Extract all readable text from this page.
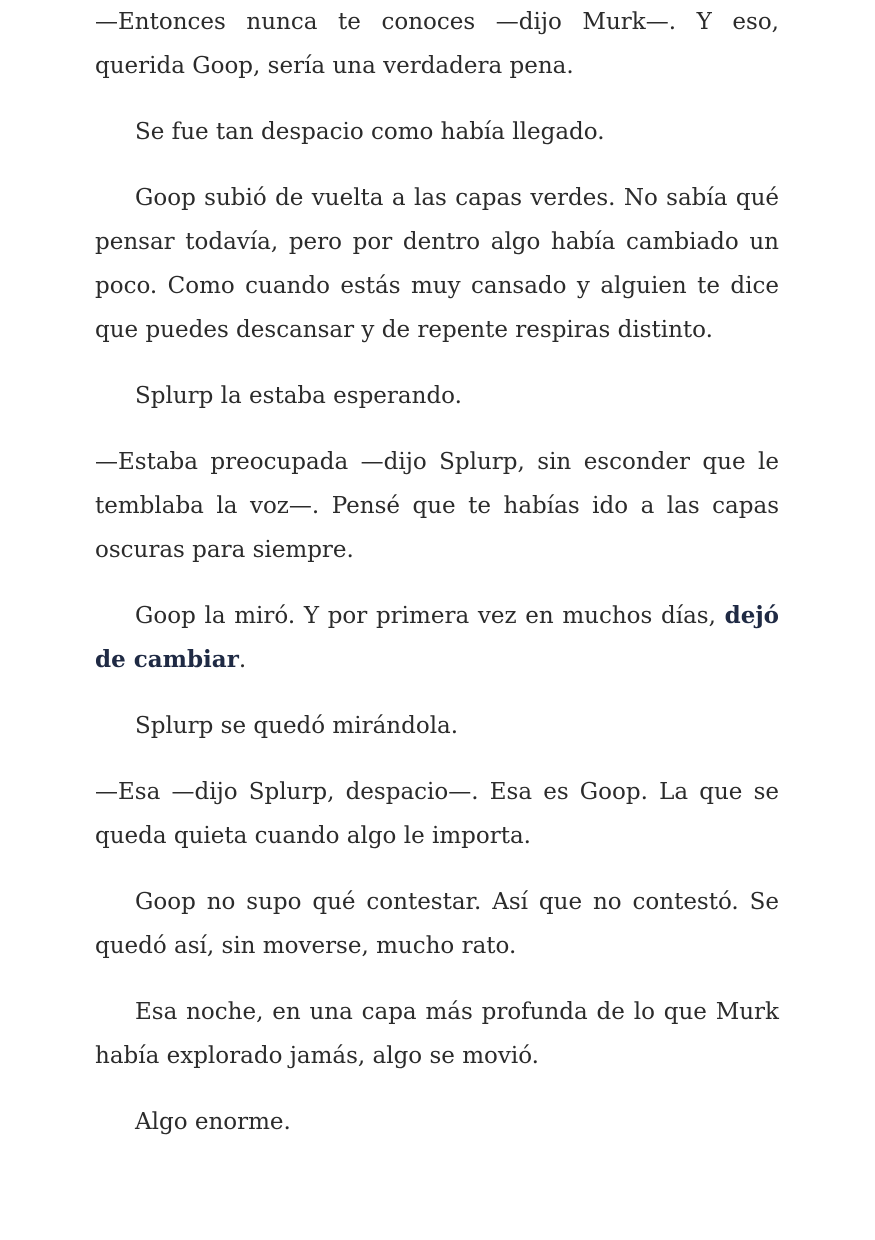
—Entonces nunca te conoces —dijo Murk—. Y eso, querida Goop, sería una verdadera pena.

Se fue tan despacio como había llegado.

Goop subió de vuelta a las capas verdes. No sabía qué pensar todavía, pero por dentro algo había cambiado un poco. Como cuando estás muy cansado y alguien te dice que puedes descansar y de repente respiras distinto.

Splurp la estaba esperando.

—Estaba preocupada —dijo Splurp, sin esconder que le temblaba la voz—. Pensé que te habías ido a las capas oscuras para siempre.

Goop la miró. Y por primera vez en muchos días, dejó de cambiar.

Splurp se quedó mirándola.

—Esa —dijo Splurp, despacio—. Esa es Goop. La que se queda quieta cuando algo le importa.

Goop no supo qué contestar. Así que no contestó. Se quedó así, sin moverse, mucho rato.

Esa noche, en una capa más profunda de lo que Murk había explorado jamás, algo se movió.

Algo enorme.
